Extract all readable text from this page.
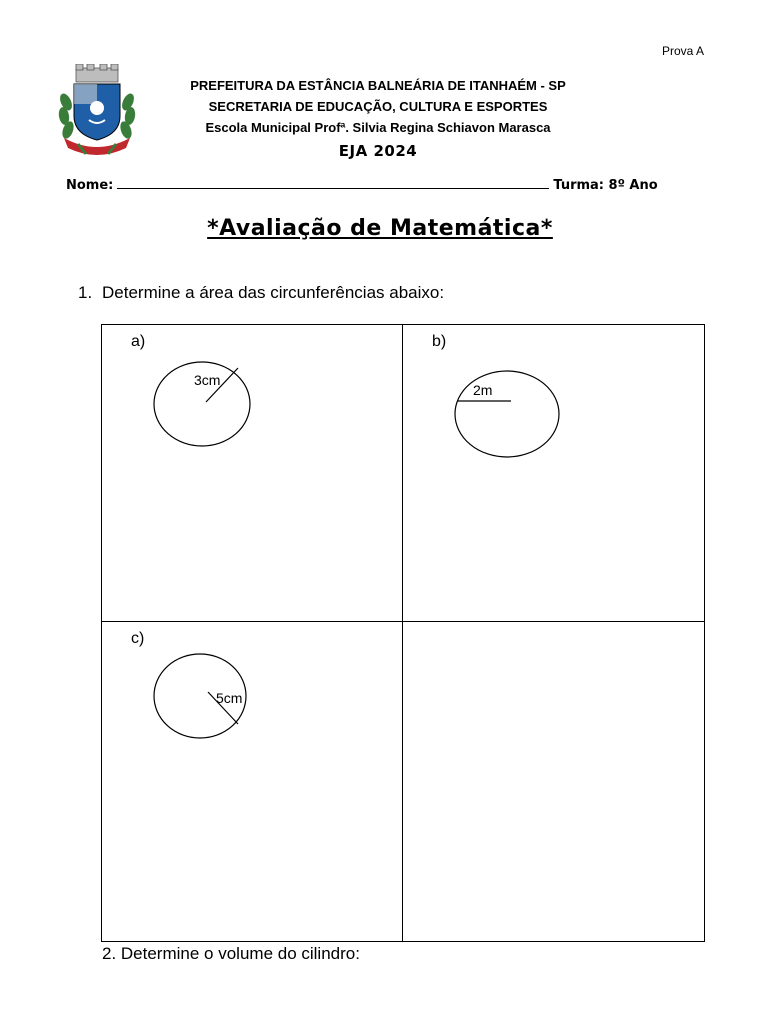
Prova A
PREFEITURA DA ESTÂNCIA BALNEÁRIA DE ITANHAÉM - SP
SECRETARIA DE EDUCAÇÃO, CULTURA E ESPORTES
Escola Municipal Profª. Silvia Regina Schiavon Marasca
EJA 2024
Nome:	Turma: 8º Ano
*Avaliação de Matemática*
1. Determine a área das circunferências abaixo:
a)
3cm
b)
2m
c)
5cm
2. Determine o volume do cilindro:
